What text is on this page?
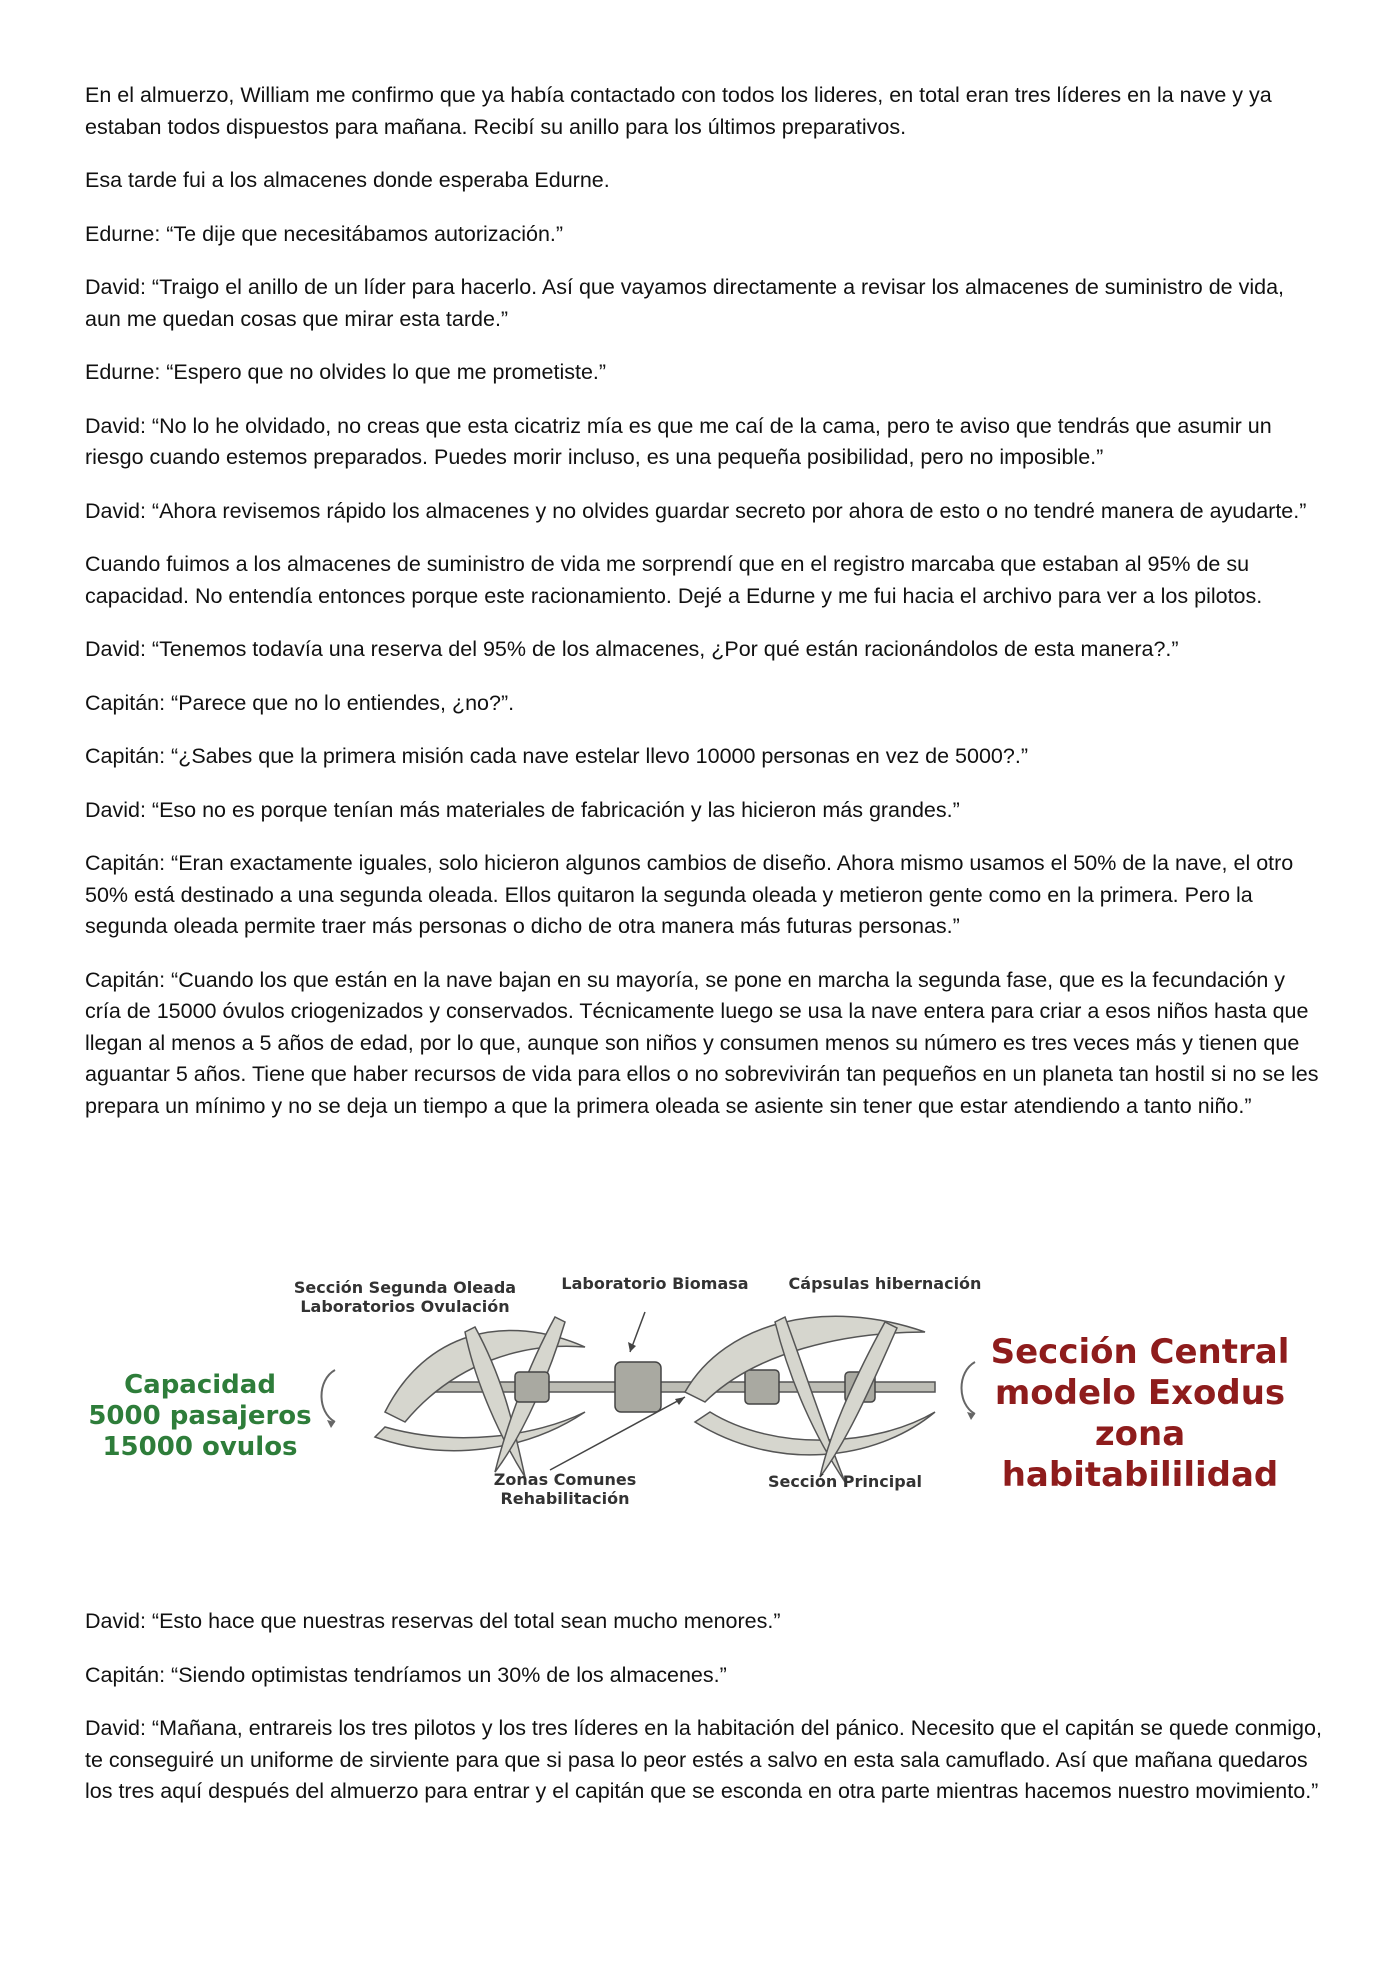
En el almuerzo, William me confirmo que ya había contactado con todos los lideres, en total eran tres líderes en la nave y ya estaban todos dispuestos para mañana. Recibí su anillo para los últimos preparativos.

Esa tarde fui a los almacenes donde esperaba Edurne.

Edurne: “Te dije que necesitábamos autorización.”

David: “Traigo el anillo de un líder para hacerlo. Así que vayamos directamente a revisar los almacenes de suministro de vida, aun me quedan cosas que mirar esta tarde.”

Edurne: “Espero que no olvides lo que me prometiste.”

David: “No lo he olvidado, no creas que esta cicatriz mía es que me caí de la cama, pero te aviso que tendrás que asumir un riesgo cuando estemos preparados. Puedes morir incluso, es una pequeña posibilidad, pero no imposible.”

David: “Ahora revisemos rápido los almacenes y no olvides guardar secreto por ahora de esto o no tendré manera de ayudarte.”

Cuando fuimos a los almacenes de suministro de vida me sorprendí que en el registro marcaba que estaban al 95% de su capacidad. No entendía entonces porque este racionamiento. Dejé a Edurne y me fui hacia el archivo para ver a los pilotos.

David: “Tenemos todavía una reserva del 95% de los almacenes, ¿Por qué están racionándolos de esta manera?.”

Capitán: “Parece que no lo entiendes, ¿no?”.

Capitán: “¿Sabes que la primera misión cada nave estelar llevo 10000 personas en vez de 5000?.”

David: “Eso no es porque tenían más materiales de fabricación y las hicieron más grandes.”

Capitán: “Eran exactamente iguales, solo hicieron algunos cambios de diseño. Ahora mismo usamos el 50% de la nave, el otro 50% está destinado a una segunda oleada. Ellos quitaron la segunda oleada y metieron gente como en la primera. Pero la segunda oleada permite traer más personas o dicho de otra manera más futuras personas.”

Capitán: “Cuando los que están en la nave bajan en su mayoría, se pone en marcha la segunda fase, que es la fecundación y cría de 15000 óvulos criogenizados y conservados. Técnicamente luego se usa la nave entera para criar a esos niños hasta que llegan al menos a 5 años de edad, por lo que, aunque son niños y consumen menos su número es tres veces más y tienen que aguantar 5 años. Tiene que haber recursos de vida para ellos o no sobrevivirán tan pequeños en un planeta tan hostil si no se les prepara un mínimo y no se deja un tiempo a que la primera oleada se asiente sin tener que estar atendiendo a tanto niño.”

Capacidad
5000 pasajeros
15000 ovulos
Sección Central
modelo Exodus
zona habitabililidad
Sección Segunda Oleada
Laboratorios Ovulación
Laboratorio Biomasa	Cápsulas hibernación
Zonas Comunes
Rehabilitación
Sección Principal

David: “Esto hace que nuestras reservas del total sean mucho menores.”

Capitán: “Siendo optimistas tendríamos un 30% de los almacenes.”

David: “Mañana, entrareis los tres pilotos y los tres líderes en la habitación del pánico. Necesito que el capitán se quede conmigo, te conseguiré un uniforme de sirviente para que si pasa lo peor estés a salvo en esta sala camuflado. Así que mañana quedaros los tres aquí después del almuerzo para entrar y el capitán que se esconda en otra parte mientras hacemos nuestro movimiento.”
